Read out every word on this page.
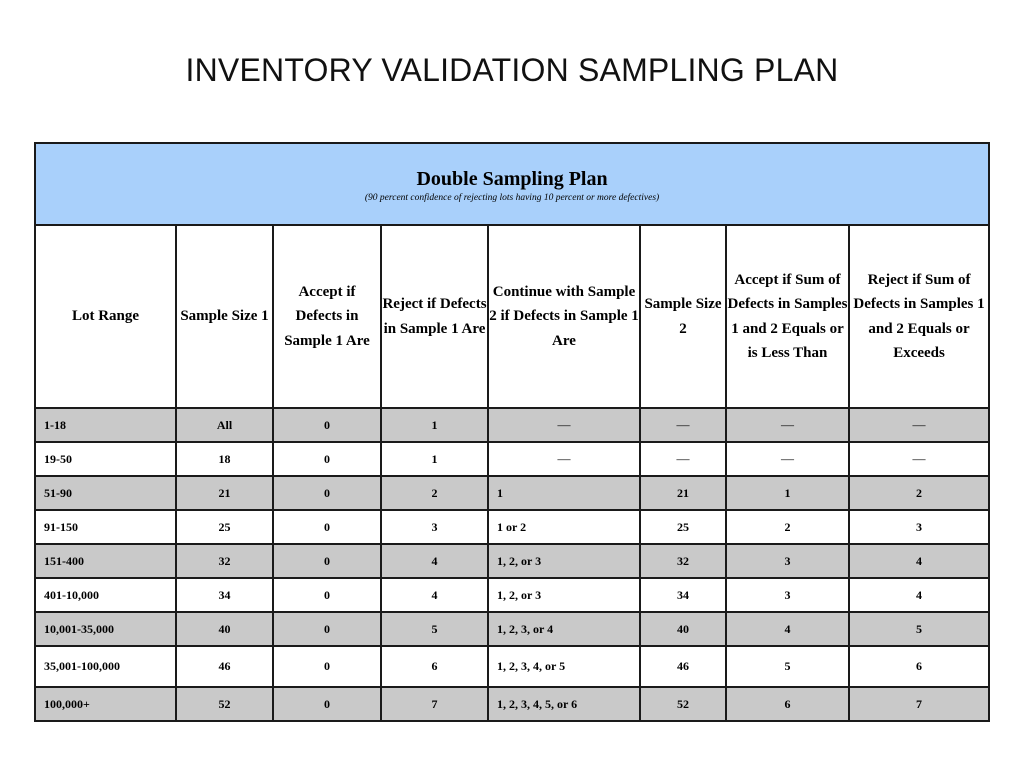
INVENTORY VALIDATION SAMPLING PLAN
Double Sampling Plan
(90 percent confidence of rejecting lots having 10 percent or more defectives)							

Lot Range	Sample Size 1	Accept if Defects in Sample 1 Are	Reject if Defects in Sample 1 Are	Continue with Sample 2 if Defects in Sample 1 Are	Sample Size 2	Accept if Sum of Defects in Samples 1 and 2 Equals or is Less Than	Reject if Sum of Defects in Samples 1 and 2 Equals or Exceeds
1-18	All	0	1	—	—	—	—
19-50	18	0	1	—	—	—	—
51-90	21	0	2	1	21	1	2
91-150	25	0	3	1 or 2	25	2	3
151-400	32	0	4	1, 2, or 3	32	3	4
401-10,000	34	0	4	1, 2, or 3	34	3	4
10,001-35,000	40	0	5	1, 2, 3, or 4	40	4	5
35,001-100,000	46	0	6	1, 2, 3, 4, or 5	46	5	6
100,000+	52	0	7	1, 2, 3, 4, 5, or 6	52	6	7
